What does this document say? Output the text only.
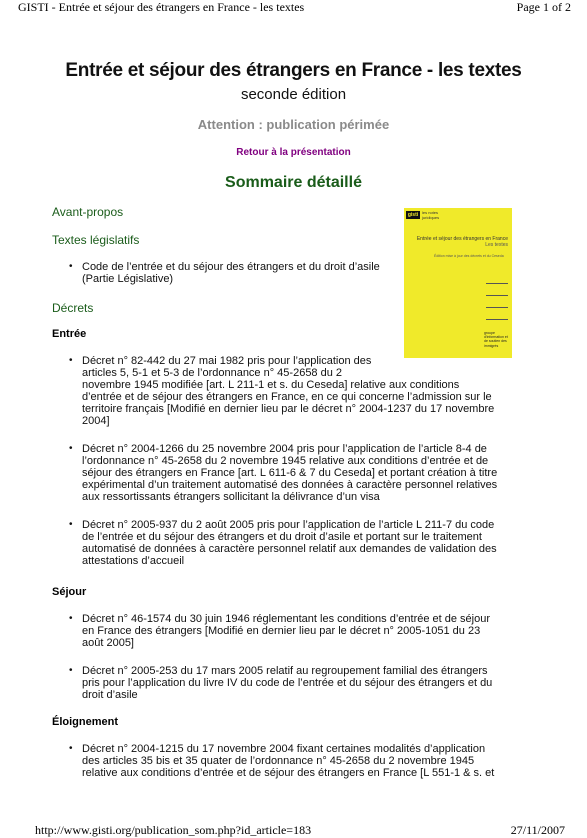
GISTI - Entrée et séjour des étrangers en France - les textes	Page 1 of 2
Entrée et séjour des étrangers en France - les textes
seconde édition
Attention : publication périmée
Retour à la présentation
Sommaire détaillé
gisti les notes juridiques
Entrée et séjour des étrangers en France
Les textes
Édition mise à jour des décrets et du Ceseda
groupe d'information et de soutien des immigrés
Avant-propos
Textes législatifs
• Code de l’entrée et du séjour des étrangers et du droit d’asile
(Partie Législative)
Décrets
Entrée
• Décret n° 82-442 du 27 mai 1982 pris pour l’application des
articles 5, 5-1 et 5-3 de l’ordonnance n° 45-2658 du 2
novembre 1945 modifiée [art. L 211-1 et s. du Ceseda] relative aux conditions
d’entrée et de séjour des étrangers en France, en ce qui concerne l’admission sur le
territoire français [Modifié en dernier lieu par le décret n° 2004-1237 du 17 novembre
2004]
• Décret n° 2004-1266 du 25 novembre 2004 pris pour l’application de l’article 8-4 de
l’ordonnance n° 45-2658 du 2 novembre 1945 relative aux conditions d’entrée et de
séjour des étrangers en France [art. L 611-6 & 7 du Ceseda] et portant création à titre
expérimental d’un traitement automatisé des données à caractère personnel relatives
aux ressortissants étrangers sollicitant la délivrance d’un visa
• Décret n° 2005-937 du 2 août 2005 pris pour l’application de l’article L 211-7 du code
de l’entrée et du séjour des étrangers et du droit d’asile et portant sur le traitement
automatisé de données à caractère personnel relatif aux demandes de validation des
attestations d’accueil
Séjour
• Décret n° 46-1574 du 30 juin 1946 réglementant les conditions d’entrée et de séjour
en France des étrangers [Modifié en dernier lieu par le décret n° 2005-1051 du 23
août 2005]
• Décret n° 2005-253 du 17 mars 2005 relatif au regroupement familial des étrangers
pris pour l’application du livre IV du code de l’entrée et du séjour des étrangers et du
droit d’asile
Éloignement
• Décret n° 2004-1215 du 17 novembre 2004 fixant certaines modalités d’application
des articles 35 bis et 35 quater de l’ordonnance n° 45-2658 du 2 novembre 1945
relative aux conditions d’entrée et de séjour des étrangers en France [L 551-1 & s. et
http://www.gisti.org/publication_som.php?id_article=183	27/11/2007
